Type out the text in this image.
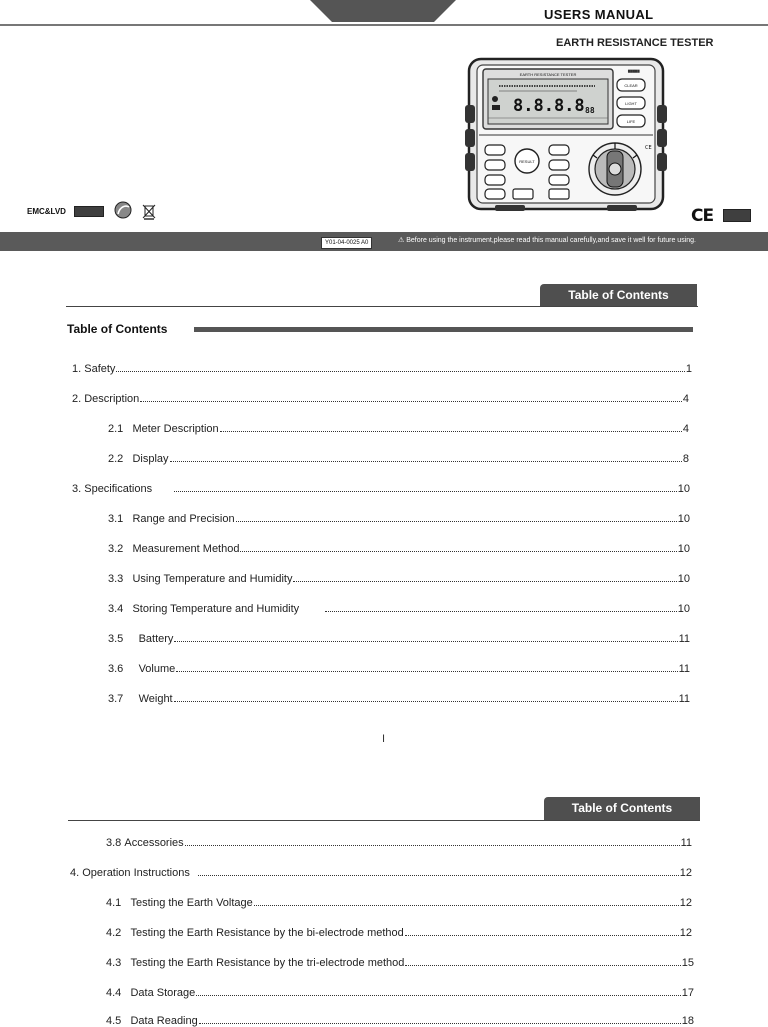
USERS MANUAL
EARTH RESISTANCE TESTER
EARTH RESISTANCE TESTER
8.8.8.8 88
CLEAR
LIGHT
LIFE
▇▇▇▇▇
RESULT
CE
EMC&LVD	CE
Y01-04-0025 A0	⚠ Before using the instrument,please read this manual carefully,and save it well for future using.
Table of Contents
Table of Contents
1. Safety	1
2. Description	4
2.1 Meter Description	4
2.2 Display	8
3. Specifications	10
3.1 Range and Precision	10
3.2 Measurement Method	10
3.3 Using Temperature and Humidity	10
3.4 Storing Temperature and Humidity	10
3.5 Battery	11
3.6 Volume	11
3.7 Weight	11
I
Table of Contents
3.8 Accessories	11
4. Operation Instructions	12
4.1 Testing the Earth Voltage	12
4.2 Testing the Earth Resistance by the bi-electrode method	12
4.3 Testing the Earth Resistance by the tri-electrode method	15
4.4 Data Storage	17
4.5 Data Reading	18
